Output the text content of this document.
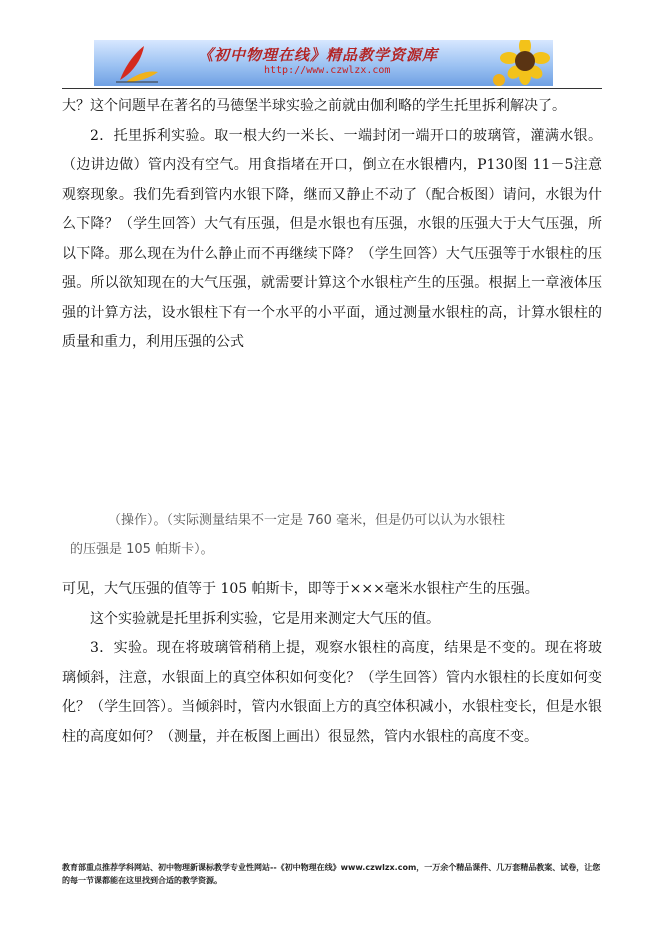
《初中物理在线》精品教学资源库
http://www.czwlzx.com

大？这个问题早在著名的马德堡半球实验之前就由伽利略的学生托里拆利解决了。

2．托里拆利实验。取一根大约一米长、一端封闭一端开口的玻璃管，灌满水银。（边讲边做）管内没有空气。用食指堵在开口，倒立在水银槽内，P130图 11－5注意观察现象。我们先看到管内水银下降，继而又静止不动了（配合板图）请问，水银为什么下降？（学生回答）大气有压强，但是水银也有压强，水银的压强大于大气压强，所以下降。那么现在为什么静止而不再继续下降？（学生回答）大气压强等于水银柱的压强。所以欲知现在的大气压强，就需要计算这个水银柱产生的压强。根据上一章液体压强的计算方法，设水银柱下有一个水平的小平面，通过测量水银柱的高，计算水银柱的质量和重力，利用压强的公式

（操作）。（实际测量结果不一定是 760 毫米，但是仍可以认为水银柱
的压强是 105 帕斯卡）。

可见，大气压强的值等于 105 帕斯卡，即等于×××毫米水银柱产生的压强。

这个实验就是托里拆利实验，它是用来测定大气压的值。

3．实验。现在将玻璃管稍稍上提，观察水银柱的高度，结果是不变的。现在将玻璃倾斜，注意，水银面上的真空体积如何变化？（学生回答）管内水银柱的长度如何变化？（学生回答）。当倾斜时，管内水银面上方的真空体积减小，水银柱变长，但是水银柱的高度如何？（测量，并在板图上画出）很显然，管内水银柱的高度不变。

教育部重点推荐学科网站、初中物理新课标教学专业性网站--《初中物理在线》www.czwlzx.com，一万余个精品课件、几万套精品教案、试卷，让您的每一节课都能在这里找到合适的教学资源。
